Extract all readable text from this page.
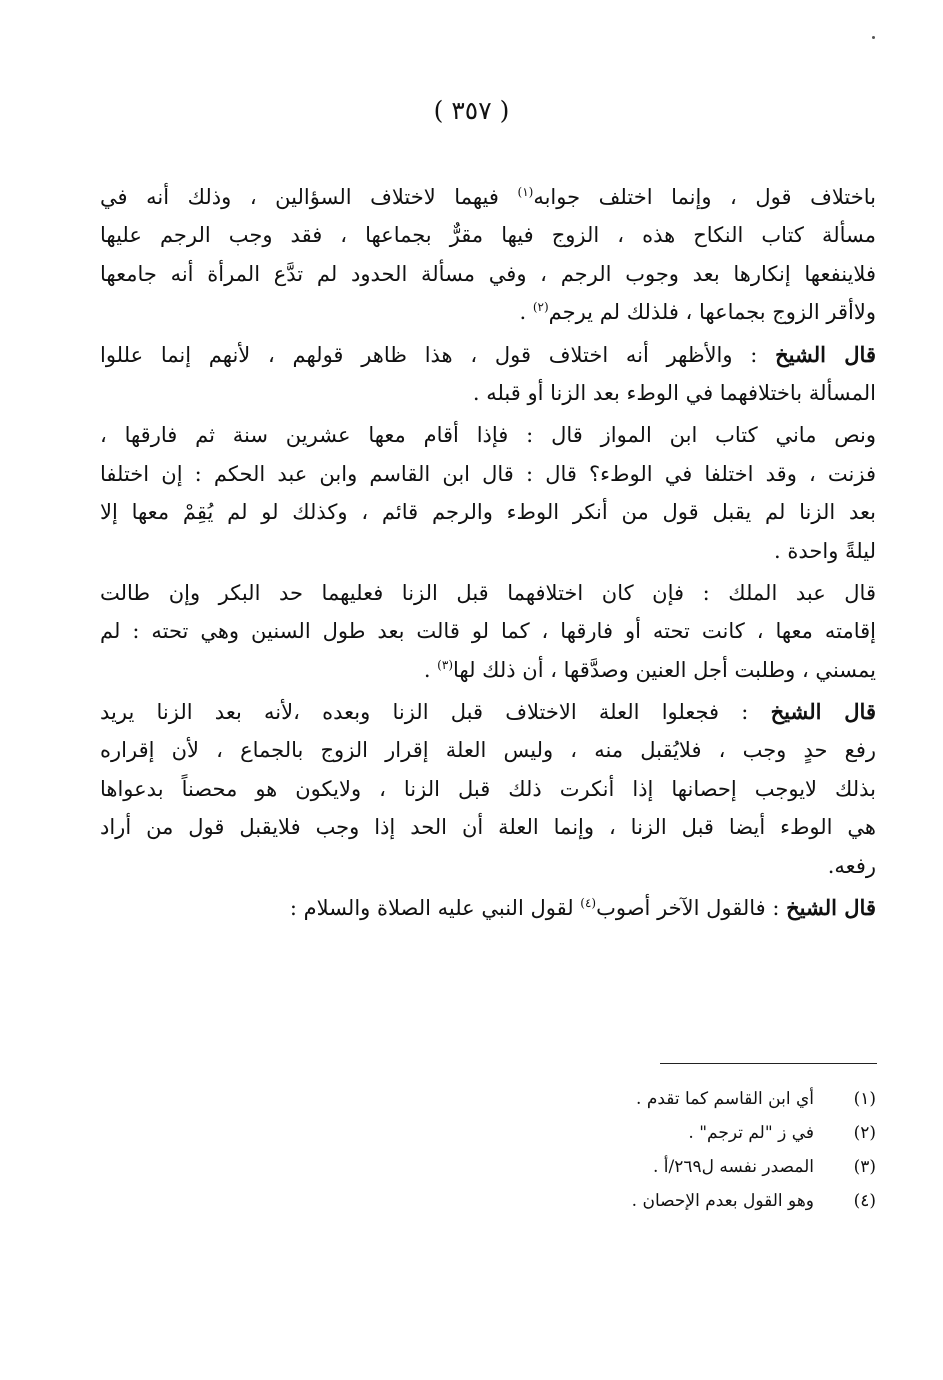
( ٣٥٧ )
باختلاف قول ، وإنما اختلف جوابه$^{(١)}$ فيهما لاختلاف السؤالين ، وذلك أنه في
مسألة كتاب النكاح هذه ، الزوج فيها مقرٌّ بجماعها ، فقد وجب الرجم عليها
فلاينفعها إنكارها بعد وجوب الرجم ، وفي مسألة الحدود لم تدَّع المرأة أنه جامعها
ولاأقر الزوج بجماعها ، فلذلك لم يرجم$^{(٢)}$ .
قال الشيخ : والأظهر أنه اختلاف قول ، هذا ظاهر قولهم ، لأنهم إنما عللوا
المسألة باختلافهما في الوطء بعد الزنا أو قبله .
ونص ماني كتاب ابن المواز قال : فإذا أقام معها عشرين سنة ثم فارقها ،
فزنت ، وقد اختلفا في الوطء؟ قال : قال ابن القاسم وابن عبد الحكم : إن اختلفا
بعد الزنا لم يقبل قول من أنكر الوطء والرجم قائم ، وكذلك لو لم يُقِمْ معها إلا
ليلةً واحدة .
قال عبد الملك : فإن كان اختلافهما قبل الزنا فعليهما حد البكر وإن طالت
إقامته معها ، كانت تحته أو فارقها ، كما لو قالت بعد طول السنين وهي تحته : لم
يمسني ، وطلبت أجل العنين وصدَّقها ، أن ذلك لها$^{(٣)}$ .
قال الشيخ : فجعلوا العلة الاختلاف قبل الزنا وبعده ،لأنه بعد الزنا يريد
رفع حدٍ وجب ، فلايُقبل منه ، وليس العلة إقرار الزوج بالجماع ، لأن إقراره
بذلك لايوجب إحصانها إذا أنكرت ذلك قبل الزنا ، ولايكون هو محصناً بدعواها
هي الوطء أيضا قبل الزنا ، وإنما العلة أن الحد إذا وجب فلايقبل قول من أراد
رفعه.
قال الشيخ : فالقول الآخر أصوب$^{(٤)}$ لقول النبي عليه الصلاة والسلام :
(١)
أي ابن القاسم كما تقدم .
(٢)
في ز "لم ترجم" .
(٣)
المصدر نفسه ل٢٦٩/أ .
(٤)
وهو القول بعدم الإحصان .
